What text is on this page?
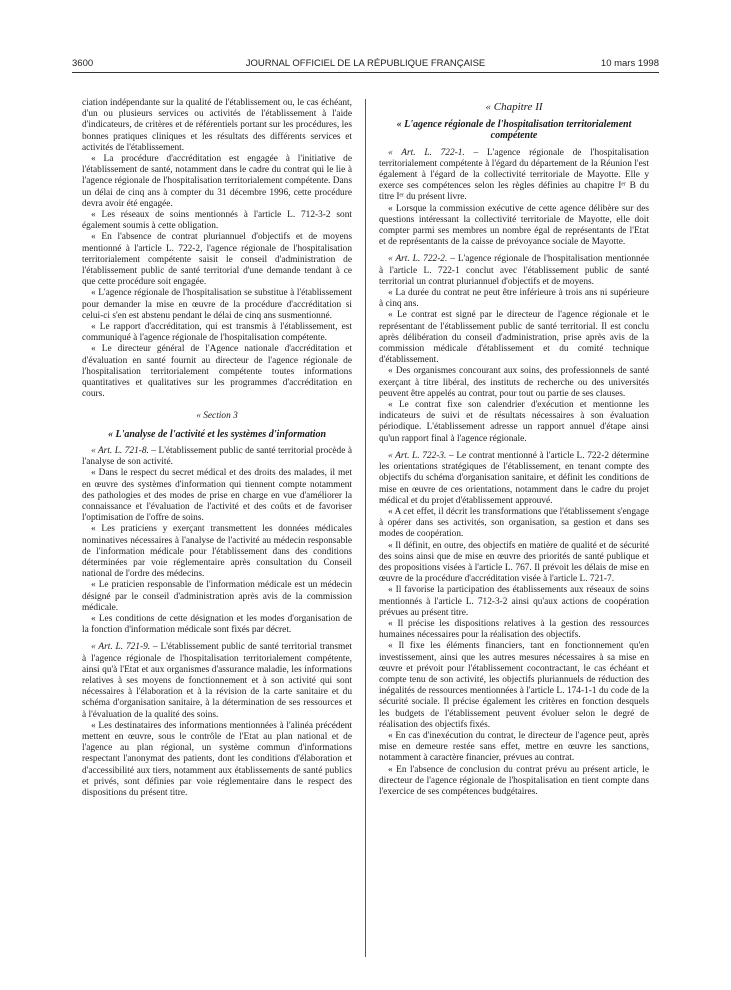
3600	JOURNAL OFFICIEL DE LA RÉPUBLIQUE FRANÇAISE	10 mars 1998

ciation indépendante sur la qualité de l'établissement ou, le cas échéant, d'un ou plusieurs services ou activités de l'établissement à l'aide d'indicateurs, de critères et de référentiels portant sur les procédures, les bonnes pratiques cliniques et les résultats des différents services et activités de l'établissement.

« La procédure d'accréditation est engagée à l'initiative de l'établissement de santé, notamment dans le cadre du contrat qui le lie à l'agence régionale de l'hospitalisation territorialement compétente. Dans un délai de cinq ans à compter du 31 décembre 1996, cette procédure devra avoir été engagée.

« Les réseaux de soins mentionnés à l'article L. 712-3-2 sont également soumis à cette obligation.

« En l'absence de contrat pluriannuel d'objectifs et de moyens mentionné à l'article L. 722-2, l'agence régionale de l'hospitalisation territorialement compétente saisit le conseil d'administration de l'établissement public de santé territorial d'une demande tendant à ce que cette procédure soit engagée.

« L'agence régionale de l'hospitalisation se substitue à l'établissement pour demander la mise en œuvre de la procédure d'accréditation si celui-ci s'en est abstenu pendant le délai de cinq ans susmentionné.

« Le rapport d'accréditation, qui est transmis à l'établissement, est communiqué à l'agence régionale de l'hospitalisation compétente.

« Le directeur général de l'Agence nationale d'accréditation et d'évaluation en santé fournit au directeur de l'agence régionale de l'hospitalisation territorialement compétente toutes informations quantitatives et qualitatives sur les programmes d'accréditation en cours.

« Section 3

« L'analyse de l'activité et les systèmes d'information

« Art. L. 721-8. – L'établissement public de santé territorial procède à l'analyse de son activité.

« Dans le respect du secret médical et des droits des malades, il met en œuvre des systèmes d'information qui tiennent compte notamment des pathologies et des modes de prise en charge en vue d'améliorer la connaissance et l'évaluation de l'activité et des coûts et de favoriser l'optimisation de l'offre de soins.

« Les praticiens y exerçant transmettent les données médicales nominatives nécessaires à l'analyse de l'activité au médecin responsable de l'information médicale pour l'établissement dans des conditions déterminées par voie réglementaire après consultation du Conseil national de l'ordre des médecins.

« Le praticien responsable de l'information médicale est un médecin désigné par le conseil d'administration après avis de la commission médicale.

« Les conditions de cette désignation et les modes d'organisation de la fonction d'information médicale sont fixés par décret.

« Art. L. 721-9. – L'établissement public de santé territorial transmet à l'agence régionale de l'hospitalisation territorialement compétente, ainsi qu'à l'Etat et aux organismes d'assurance maladie, les informations relatives à ses moyens de fonctionnement et à son activité qui sont nécessaires à l'élaboration et à la révision de la carte sanitaire et du schéma d'organisation sanitaire, à la détermination de ses ressources et à l'évaluation de la qualité des soins.

« Les destinataires des informations mentionnées à l'alinéa précédent mettent en œuvre, sous le contrôle de l'Etat au plan national et de l'agence au plan régional, un système commun d'informations respectant l'anonymat des patients, dont les conditions d'élaboration et d'accessibilité aux tiers, notamment aux établissements de santé publics et privés, sont définies par voie réglementaire dans le respect des dispositions du présent titre.

« Chapitre II

« L'agence régionale de l'hospitalisation territorialement compétente

« Art. L. 722-1. – L'agence régionale de l'hospitalisation territorialement compétente à l'égard du département de la Réunion l'est également à l'égard de la collectivité territoriale de Mayotte. Elle y exerce ses compétences selon les règles définies au chapitre Iᵉʳ B du titre Iᵉʳ du présent livre.

« Lorsque la commission exécutive de cette agence délibère sur des questions intéressant la collectivité territoriale de Mayotte, elle doit compter parmi ses membres un nombre égal de représentants de l'Etat et de représentants de la caisse de prévoyance sociale de Mayotte.

« Art. L. 722-2. – L'agence régionale de l'hospitalisation mentionnée à l'article L. 722-1 conclut avec l'établissement public de santé territorial un contrat pluriannuel d'objectifs et de moyens.

« La durée du contrat ne peut être inférieure à trois ans ni supérieure à cinq ans.

« Le contrat est signé par le directeur de l'agence régionale et le représentant de l'établissement public de santé territorial. Il est conclu après délibération du conseil d'administration, prise après avis de la commission médicale d'établissement et du comité technique d'établissement.

« Des organismes concourant aux soins, des professionnels de santé exerçant à titre libéral, des instituts de recherche ou des universités peuvent être appelés au contrat, pour tout ou partie de ses clauses.

« Le contrat fixe son calendrier d'exécution et mentionne les indicateurs de suivi et de résultats nécessaires à son évaluation périodique. L'établissement adresse un rapport annuel d'étape ainsi qu'un rapport final à l'agence régionale.

« Art. L. 722-3. – Le contrat mentionné à l'article L. 722-2 détermine les orientations stratégiques de l'établissement, en tenant compte des objectifs du schéma d'organisation sanitaire, et définit les conditions de mise en œuvre de ces orientations, notamment dans le cadre du projet médical et du projet d'établissement approuvé.

« A cet effet, il décrit les transformations que l'établissement s'engage à opérer dans ses activités, son organisation, sa gestion et dans ses modes de coopération.

« Il définit, en outre, des objectifs en matière de qualité et de sécurité des soins ainsi que de mise en œuvre des priorités de santé publique et des propositions visées à l'article L. 767. Il prévoit les délais de mise en œuvre de la procédure d'accréditation visée à l'article L. 721-7.

« Il favorise la participation des établissements aux réseaux de soins mentionnés à l'article L. 712-3-2 ainsi qu'aux actions de coopération prévues au présent titre.

« Il précise les dispositions relatives à la gestion des ressources humaines nécessaires pour la réalisation des objectifs.

« Il fixe les éléments financiers, tant en fonctionnement qu'en investissement, ainsi que les autres mesures nécessaires à sa mise en œuvre et prévoit pour l'établissement cocontractant, le cas échéant et compte tenu de son activité, les objectifs pluriannuels de réduction des inégalités de ressources mentionnées à l'article L. 174-1-1 du code de la sécurité sociale. Il précise également les critères en fonction desquels les budgets de l'établissement peuvent évoluer selon le degré de réalisation des objectifs fixés.

« En cas d'inexécution du contrat, le directeur de l'agence peut, après mise en demeure restée sans effet, mettre en œuvre les sanctions, notamment à caractère financier, prévues au contrat.

« En l'absence de conclusion du contrat prévu au présent article, le directeur de l'agence régionale de l'hospitalisation en tient compte dans l'exercice de ses compétences budgétaires.
